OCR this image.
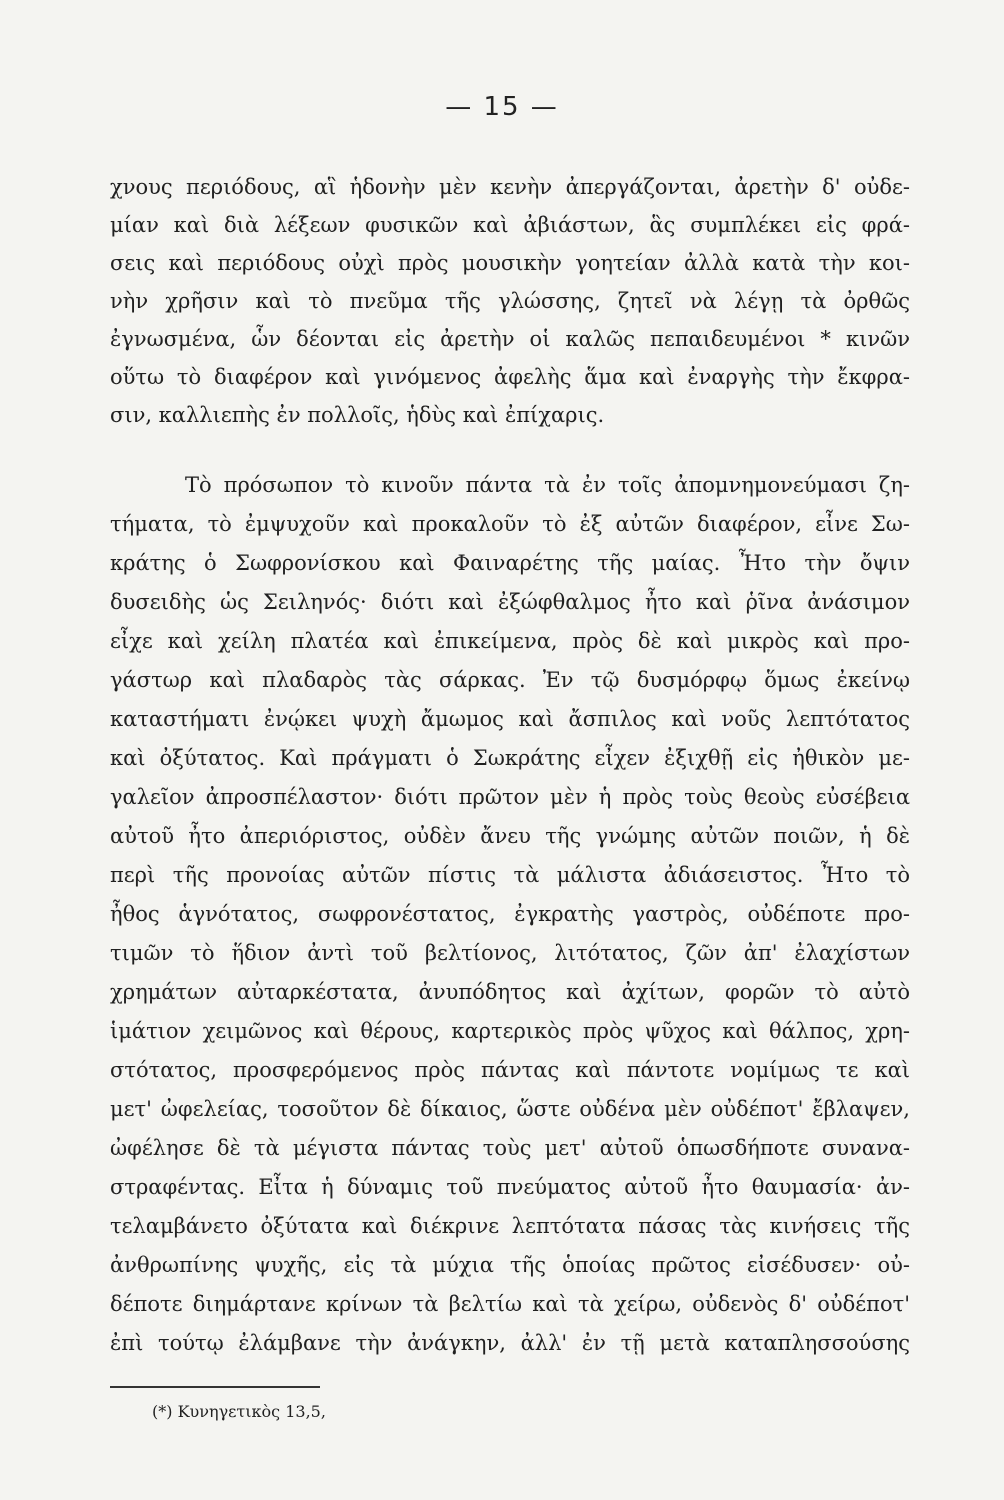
— 15 —
χνους περιόδους, αἳ ἡδονὴν μὲν κενὴν ἀπεργάζονται, ἀρετὴν δ' οὐδε-
μίαν καὶ διὰ λέξεων φυσικῶν καὶ ἀβιάστων, ἃς συμπλέκει εἰς φρά-
σεις καὶ περιόδους οὐχὶ πρὸς μουσικὴν γοητείαν ἀλλὰ κατὰ τὴν κοι-
νὴν χρῆσιν καὶ τὸ πνεῦμα τῆς γλώσσης, ζητεῖ νὰ λέγῃ τὰ ὀρθῶς
ἐγνωσμένα, ὧν δέονται εἰς ἀρετὴν οἱ καλῶς πεπαιδευμένοι * κινῶν
οὕτω τὸ διαφέρον καὶ γινόμενος ἀφελὴς ἅμα καὶ ἐναργὴς τὴν ἔκφρα-
σιν, καλλιεπὴς ἐν πολλοῖς, ἡδὺς καὶ ἐπίχαρις.
Τὸ πρόσωπον τὸ κινοῦν πάντα τὰ ἐν τοῖς ἀπομνημονεύμασι ζη-
τήματα, τὸ ἐμψυχοῦν καὶ προκαλοῦν τὸ ἐξ αὐτῶν διαφέρον, εἶνε Σω-
κράτης ὁ Σωφρονίσκου καὶ Φαιναρέτης τῆς μαίας. Ἦτο τὴν ὄψιν
δυσειδὴς ὡς Σειληνός· διότι καὶ ἐξώφθαλμος ἦτο καὶ ῥῖνα ἀνάσιμον
εἶχε καὶ χείλη πλατέα καὶ ἐπικείμενα, πρὸς δὲ καὶ μικρὸς καὶ προ-
γάστωρ καὶ πλαδαρὸς τὰς σάρκας. Ἐν τῷ δυσμόρφῳ ὅμως ἐκείνῳ
καταστήματι ἐνῴκει ψυχὴ ἄμωμος καὶ ἄσπιλος καὶ νοῦς λεπτότατος
καὶ ὀξύτατος. Καὶ πράγματι ὁ Σωκράτης εἶχεν ἐξιχθῇ εἰς ἠθικὸν με-
γαλεῖον ἀπροσπέλαστον· διότι πρῶτον μὲν ἡ πρὸς τοὺς θεοὺς εὐσέβεια
αὐτοῦ ἦτο ἀπεριόριστος, οὐδὲν ἄνευ τῆς γνώμης αὐτῶν ποιῶν, ἡ δὲ
περὶ τῆς προνοίας αὐτῶν πίστις τὰ μάλιστα ἀδιάσειστος. Ἦτο τὸ
ἦθος ἁγνότατος, σωφρονέστατος, ἐγκρατὴς γαστρὸς, οὐδέποτε προ-
τιμῶν τὸ ἥδιον ἀντὶ τοῦ βελτίονος, λιτότατος, ζῶν ἀπ' ἐλαχίστων
χρημάτων αὐταρκέστατα, ἀνυπόδητος καὶ ἀχίτων, φορῶν τὸ αὐτὸ
ἱμάτιον χειμῶνος καὶ θέρους, καρτερικὸς πρὸς ψῦχος καὶ θάλπος, χρη-
στότατος, προσφερόμενος πρὸς πάντας καὶ πάντοτε νομίμως τε καὶ
μετ' ὠφελείας, τοσοῦτον δὲ δίκαιος, ὥστε οὐδένα μὲν οὐδέποτ' ἔβλαψεν,
ὠφέλησε δὲ τὰ μέγιστα πάντας τοὺς μετ' αὐτοῦ ὁπωσδήποτε συνανα-
στραφέντας. Εἶτα ἡ δύναμις τοῦ πνεύματος αὐτοῦ ἦτο θαυμασία· ἀν-
τελαμβάνετο ὀξύτατα καὶ διέκρινε λεπτότατα πάσας τὰς κινήσεις τῆς
ἀνθρωπίνης ψυχῆς, εἰς τὰ μύχια τῆς ὁποίας πρῶτος εἰσέδυσεν· οὐ-
δέποτε διημάρτανε κρίνων τὰ βελτίω καὶ τὰ χείρω, οὐδενὸς δ' οὐδέποτ'
ἐπὶ τούτῳ ἐλάμβανε τὴν ἀνάγκην, ἀλλ' ἐν τῇ μετὰ καταπλησσούσης
(*) Κυνηγετικὸς 13,5,
